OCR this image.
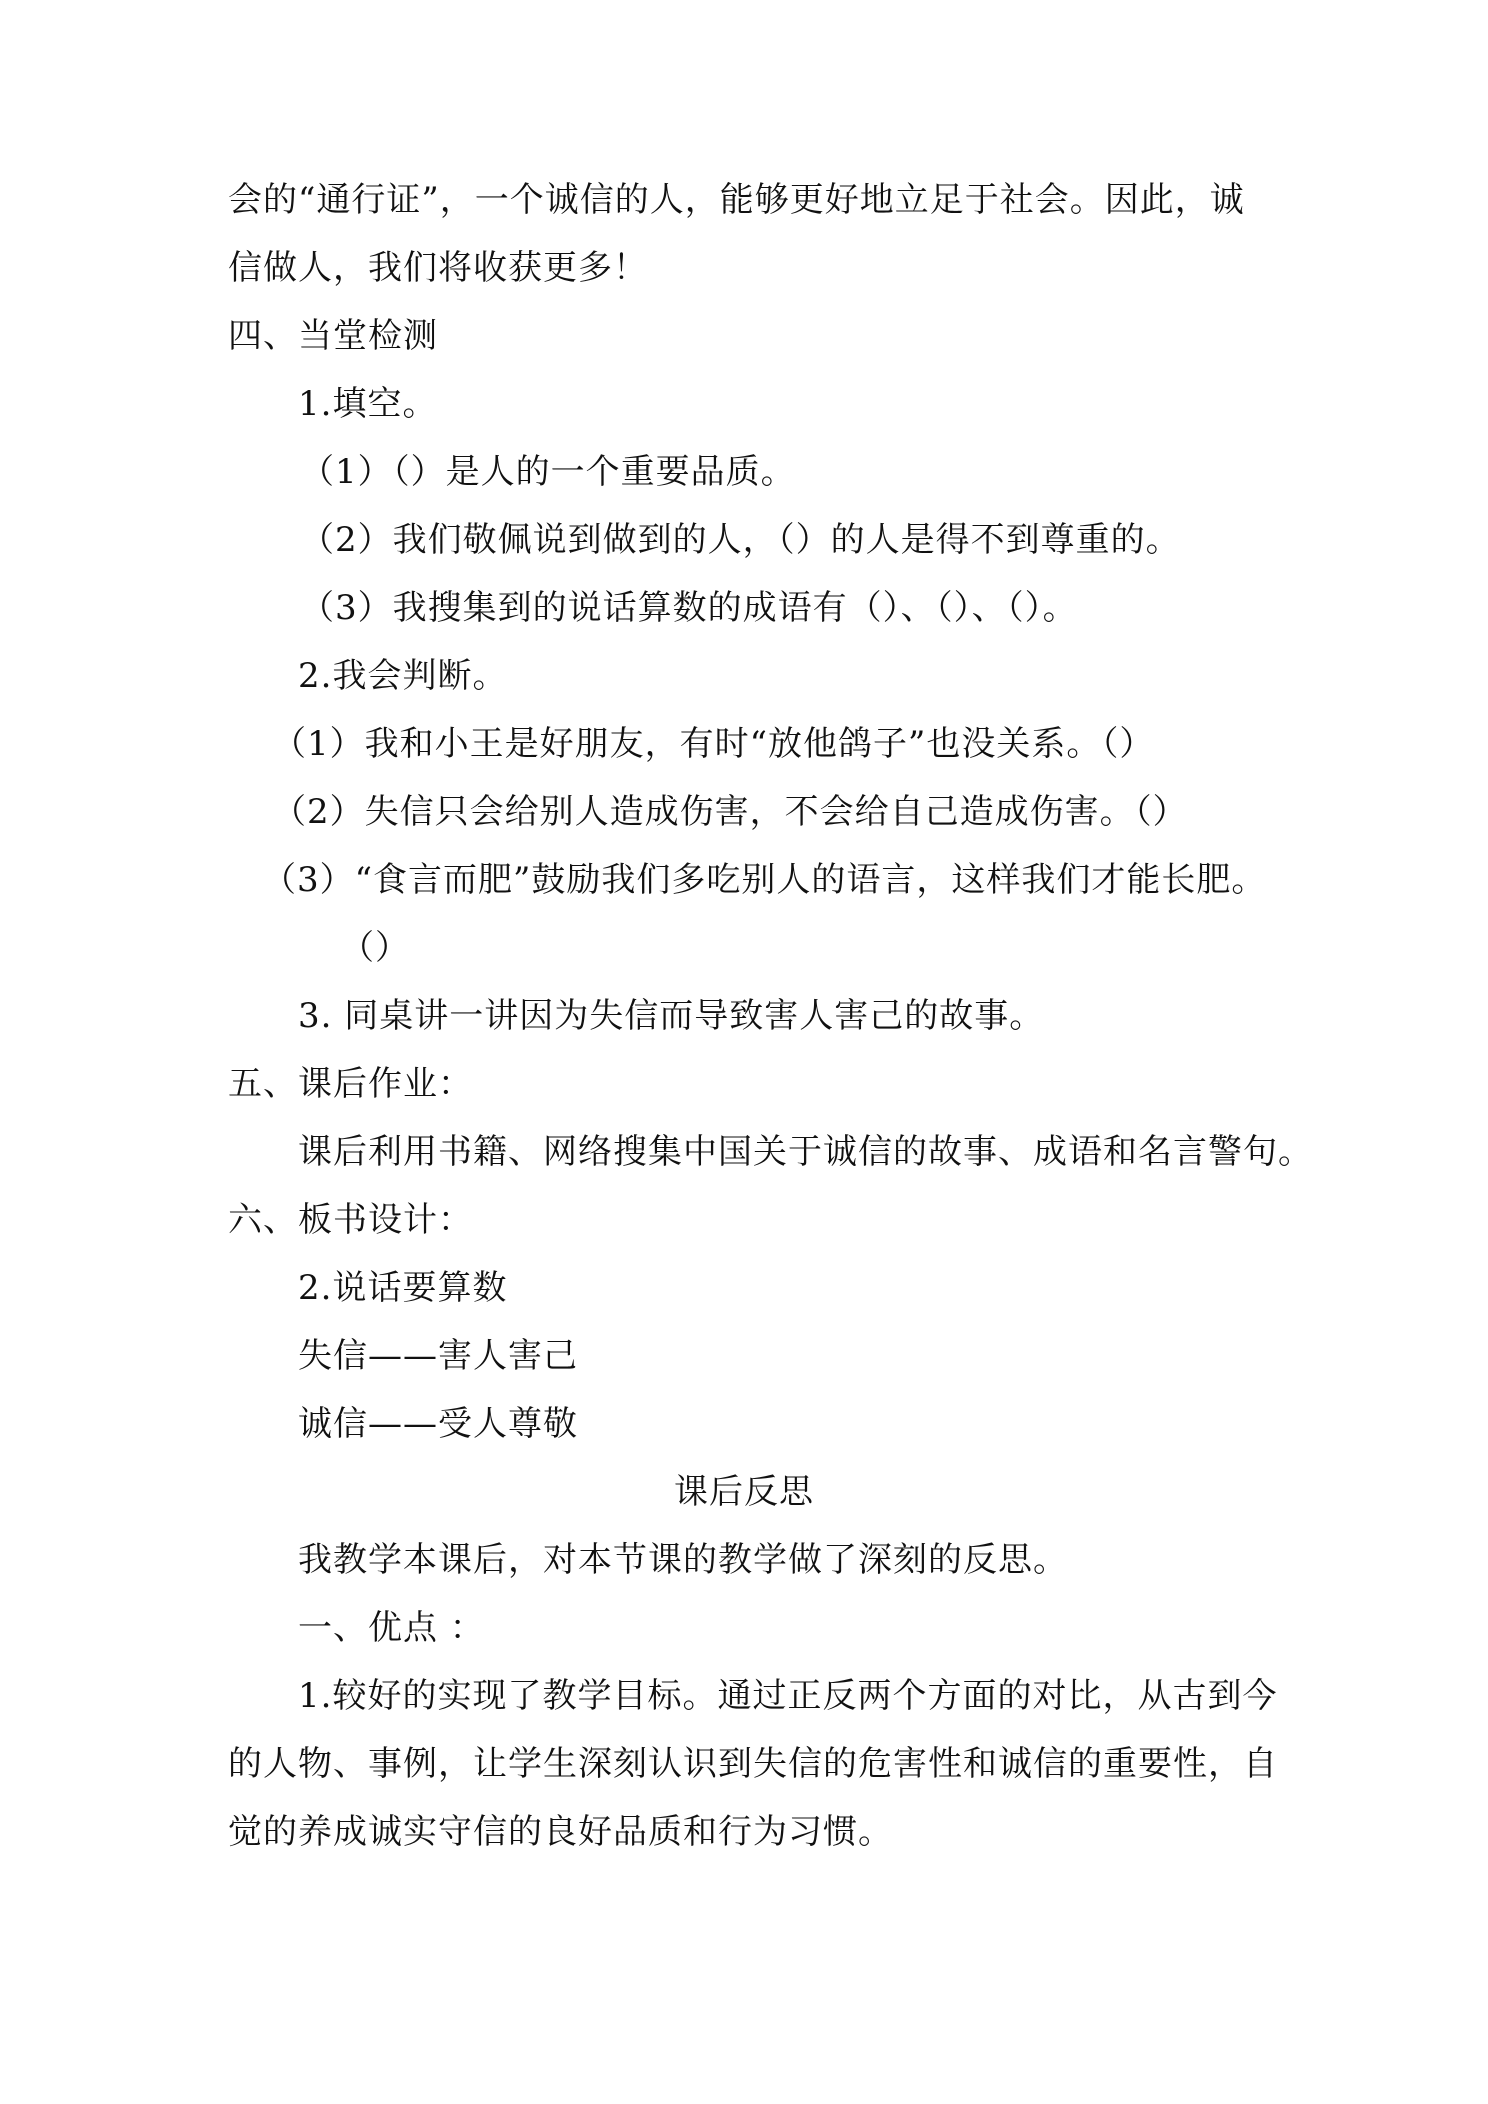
会的“通行证”，一个诚信的人，能够更好地立足于社会。因此，诚
信做人，我们将收获更多！
四、当堂检测
1.填空。
（1）（）是人的一个重要品质。
（2）我们敬佩说到做到的人，（）的人是得不到尊重的。
（3）我搜集到的说话算数的成语有（）、（）、（）。
2.我会判断。
（1）我和小王是好朋友，有时“放他鸽子”也没关系。（）
（2）失信只会给别人造成伤害，不会给自己造成伤害。（）
（3）“食言而肥”鼓励我们多吃别人的语言，这样我们才能长肥。
（）
3. 同桌讲一讲因为失信而导致害人害己的故事。
五、课后作业：
课后利用书籍、网络搜集中国关于诚信的故事、成语和名言警句。
六、板书设计：
2.说话要算数
失信——害人害己
诚信——受人尊敬
课后反思
我教学本课后，对本节课的教学做了深刻的反思。
一、优点 ：
1.较好的实现了教学目标。通过正反两个方面的对比，从古到今
的人物、事例，让学生深刻认识到失信的危害性和诚信的重要性，自
觉的养成诚实守信的良好品质和行为习惯。
